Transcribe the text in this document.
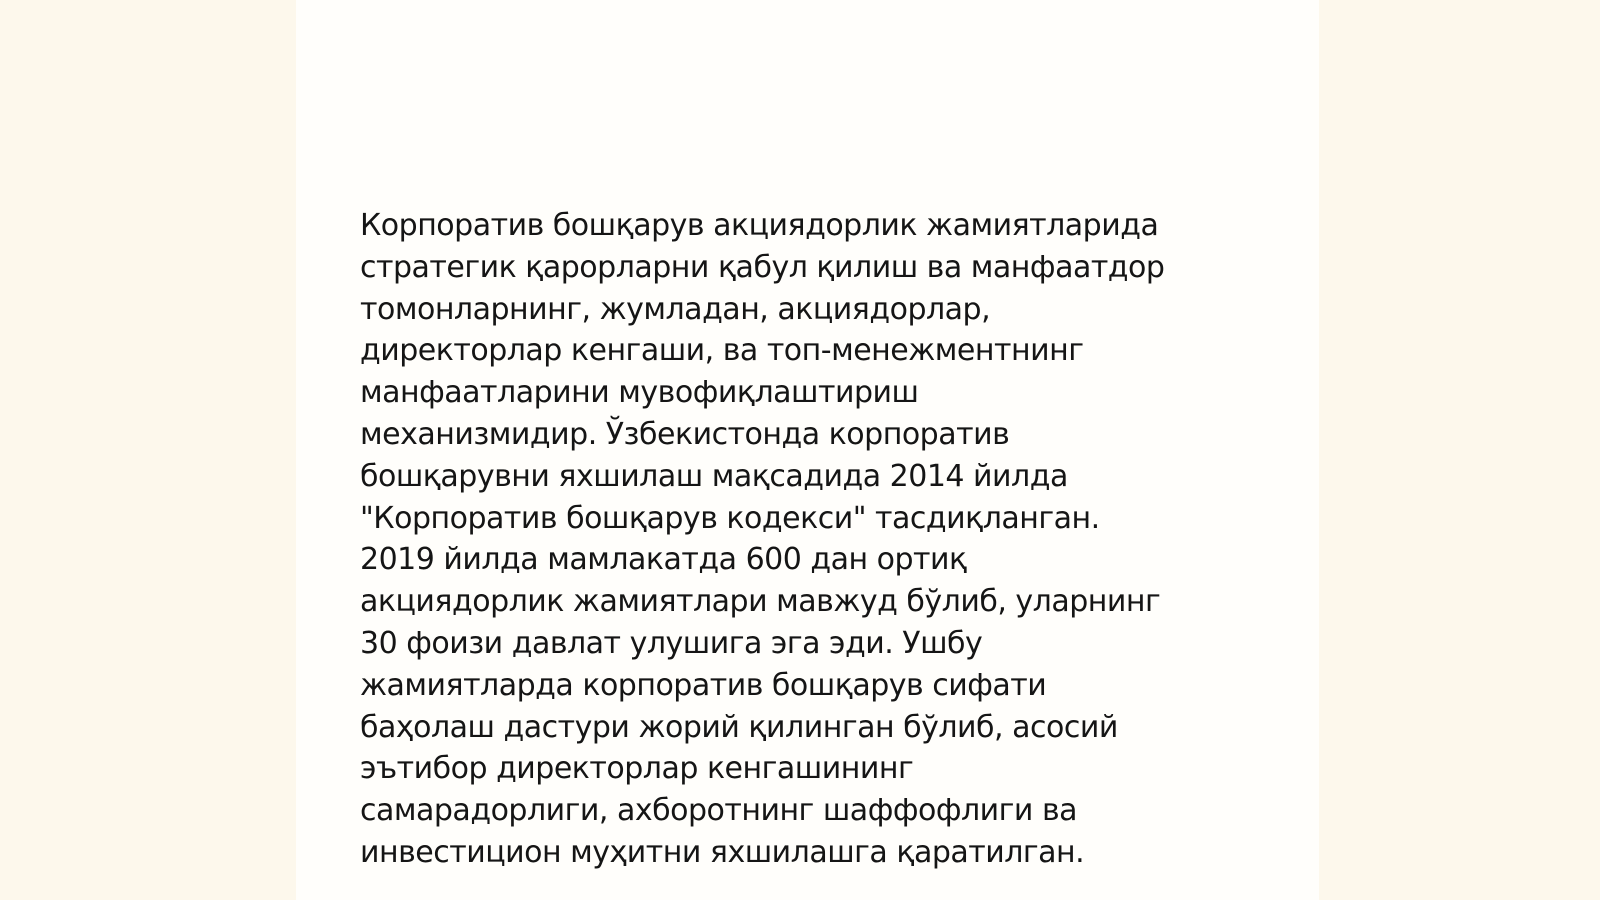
Корпоратив бошқарув акциядорлик жамиятларида
стратегик қарорларни қабул қилиш ва манфаатдор
томонларнинг, жумладан, акциядорлар,
директорлар кенгаши, ва топ-менежментнинг
манфаатларини мувофиқлаштириш
механизмидир. Ўзбекистонда корпоратив
бошқарувни яхшилаш мақсадида 2014 йилда
"Корпоратив бошқарув кодекси" тасдиқланган.
2019 йилда мамлакатда 600 дан ортиқ
акциядорлик жамиятлари мавжуд бўлиб, уларнинг
30 фоизи давлат улушига эга эди. Ушбу
жамиятларда корпоратив бошқарув сифати
баҳолаш дастури жорий қилинган бўлиб, асосий
эътибор директорлар кенгашининг
самарадорлиги, ахборотнинг шаффофлиги ва
инвестицион муҳитни яхшилашга қаратилган.
